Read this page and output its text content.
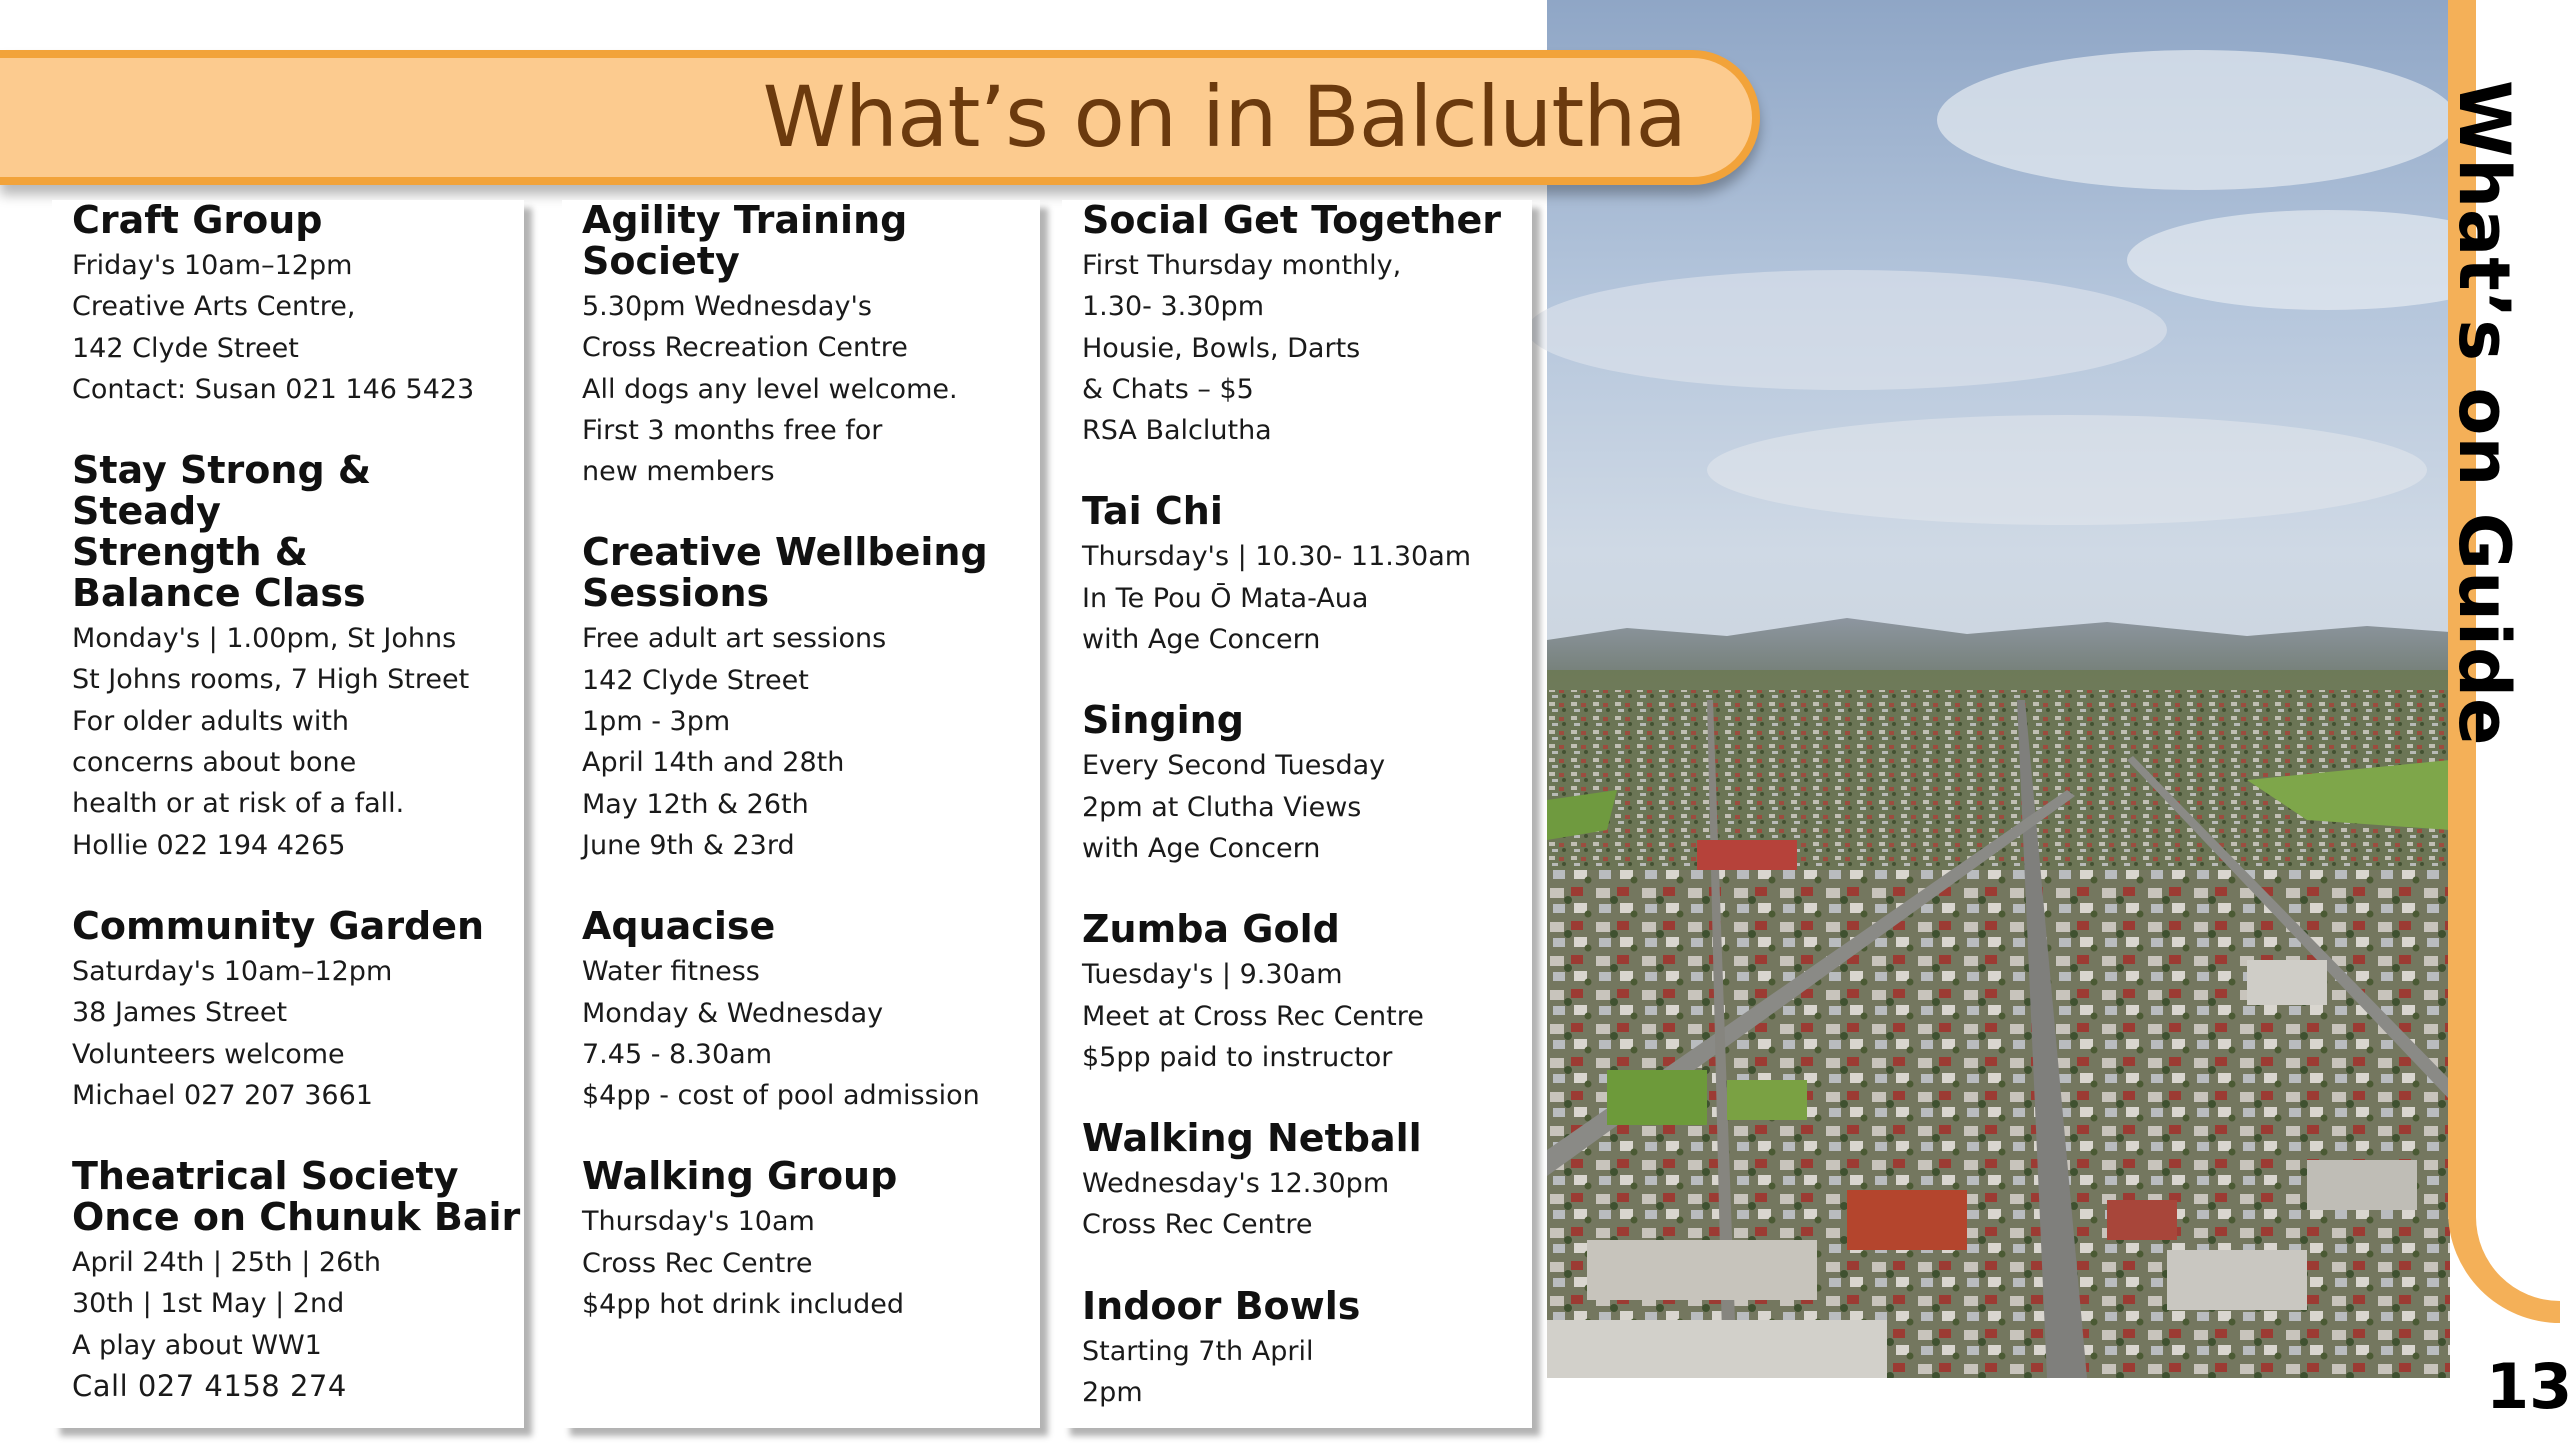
What’s on Guide
13
What’s on in Balclutha
Craft Group
Friday's 10am–12pm
Creative Arts Centre,
142 Clyde Street
Contact: Susan 021 146 5423
Stay Strong & Steady
Strength &
Balance Class
Monday's | 1.00pm, St Johns
St Johns rooms, 7 High Street
For older adults with
concerns about bone
health or at risk of a fall.
Hollie 022 194 4265
Community Garden
Saturday's 10am–12pm
38 James Street
Volunteers welcome
Michael 027 207 3661
Theatrical Society
Once on Chunuk Bair
April 24th | 25th | 26th
30th | 1st May | 2nd
A play about WW1
Call 027 4158 274
Agility Training Society
5.30pm Wednesday's
Cross Recreation Centre
All dogs any level welcome.
First 3 months free for
new members
Creative Wellbeing
Sessions
Free adult art sessions
142 Clyde Street
1pm - 3pm
April 14th and 28th
May 12th & 26th
June 9th & 23rd
Aquacise
Water fitness
Monday & Wednesday
7.45 - 8.30am
$4pp - cost of pool admission
Walking Group
Thursday's 10am
Cross Rec Centre
$4pp hot drink included
Social Get Together
First Thursday monthly,
1.30- 3.30pm
Housie, Bowls, Darts
& Chats – $5
RSA Balclutha
Tai Chi
Thursday's | 10.30- 11.30am
In Te Pou Ō Mata-Aua
with Age Concern
Singing
Every Second Tuesday
2pm at Clutha Views
with Age Concern
Zumba Gold
Tuesday's | 9.30am
Meet at Cross Rec Centre
$5pp paid to instructor
Walking Netball
Wednesday's 12.30pm
Cross Rec Centre
Indoor Bowls
Starting 7th April
2pm
